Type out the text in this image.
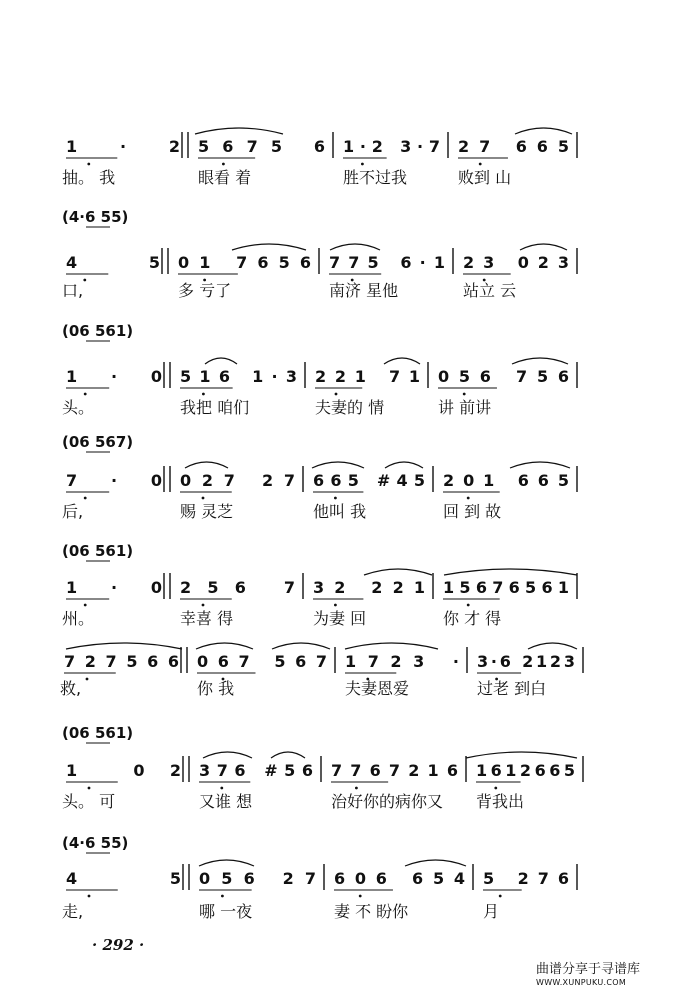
1 · 2
抽。 我
5675 6
眼看 着
1·2 3·7
胜不过我
27 665
败到 山
(4·6 55)
4 5
口,
01 7656
多 亏了
775 6·1
南济 星他
23 023
站立 云
(06 561)
1 · 0
头。
516 1·3
我把 咱们
221 71
夫妻的 情
056 756
讲 前讲
(06 567)
7 · 0
后,
027 27
赐 灵芝
665 #45
他叫 我
201 665
回 到 故
(06 561)
1 · 0
州。
256 7
幸喜 得
32 221
为妻 回
15676561
你 才 得
727566
救,
067 567
你 我
1723 ·
夫妻恩爱
3·6 2123
过老 到白
(06 561)
1 02
头。 可
376 #56
又谁 想
7767216
治好你的病你又
1612665
背我出
(4·6 55)
4 5
走,
056 27
哪 一夜
606 654
妻 不 盼你
5 276
月
· 292 ·
曲谱分享于寻谱库
WWW.XUNPUKU.COM
